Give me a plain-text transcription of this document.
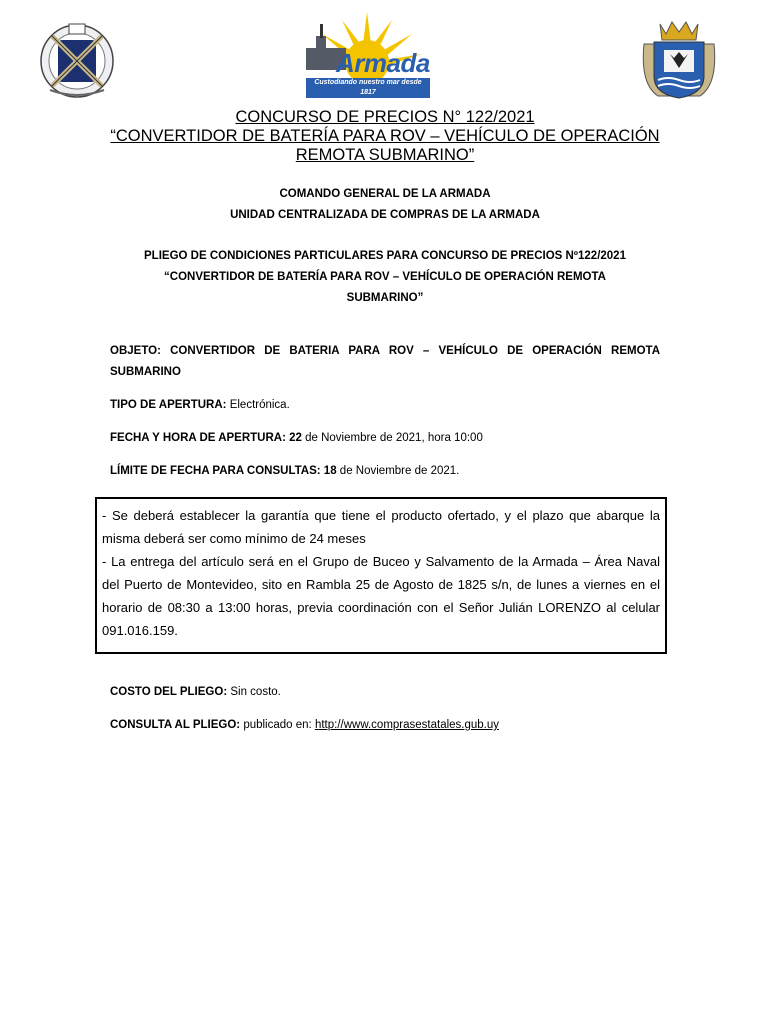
Armada
Custodiando nuestro mar desde 1817
CONCURSO DE PRECIOS N° 122/2021
“CONVERTIDOR DE BATERÍA PARA ROV – VEHÍCULO DE OPERACIÓN
REMOTA SUBMARINO”
COMANDO GENERAL DE LA ARMADA
UNIDAD CENTRALIZADA DE COMPRAS DE LA ARMADA
PLIEGO DE CONDICIONES PARTICULARES PARA CONCURSO DE PRECIOS Nº122/2021
“CONVERTIDOR DE BATERÍA PARA ROV – VEHÍCULO DE OPERACIÓN REMOTA
SUBMARINO”
OBJETO: CONVERTIDOR DE BATERIA PARA ROV – VEHÍCULO DE OPERACIÓN REMOTA SUBMARINO
TIPO DE APERTURA: Electrónica.
FECHA Y HORA DE APERTURA: 22 de Noviembre de 2021, hora 10:00
LÍMITE DE FECHA PARA CONSULTAS: 18 de Noviembre de 2021.

- Se deberá establecer la garantía que tiene el producto ofertado, y el plazo que abarque la misma deberá ser como mínimo de 24 meses

- La entrega del artículo será en el Grupo de Buceo y Salvamento de la Armada – Área Naval del Puerto de Montevideo, sito en Rambla 25 de Agosto de 1825 s/n, de lunes a viernes en el horario de 08:30 a 13:00 horas, previa coordinación con el Señor Julián LORENZO al celular 091.016.159.

COSTO DEL PLIEGO: Sin costo.
CONSULTA AL PLIEGO: publicado en: http://www.comprasestatales.gub.uy
